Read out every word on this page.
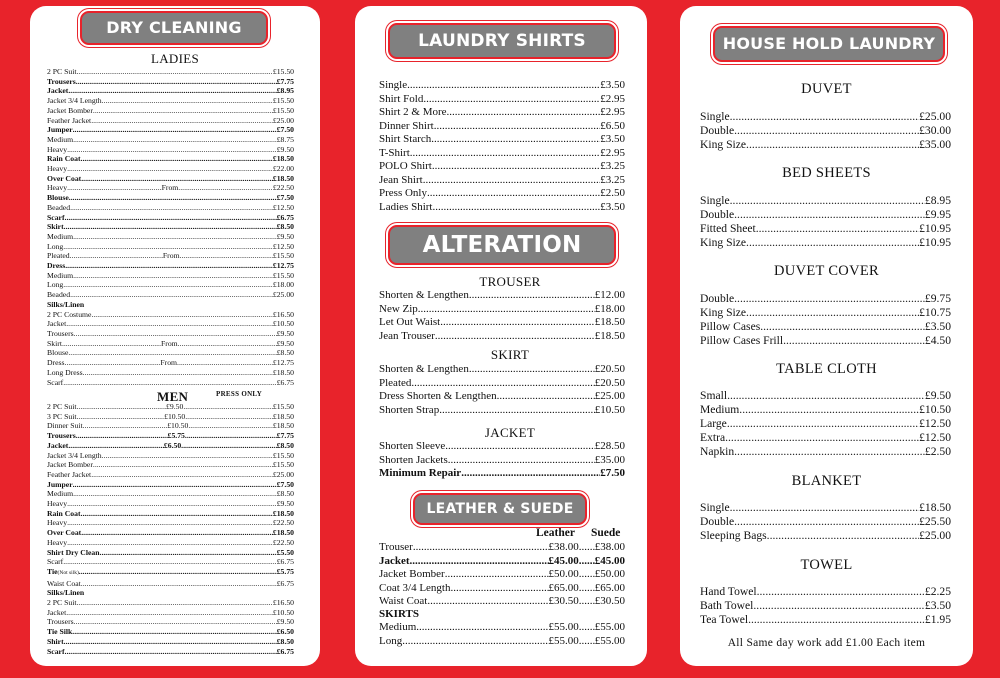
DRY CLEANING
LADIES
2 PC Suit .....	£15.50
Trousers .....	£7.75
Jacket .....	£8.95
Jacket 3/4 Length .....	£15.50
Jacket Bomber .....	£15.50
Feather Jacket .....	£25.00
Jumper .....	£7.50
Medium .....	£8.75
Heavy .....	£9.50
Rain Coat .....	£18.50
Heavy .....	£22.00
Over Coat .....	£18.50
Heavy .....	From .....	£22.50
Blouse .....	£7.50
Beaded .....	£12.50
Scarf .....	£6.75
Skirt .....	£8.50
Medium .....	£9.50
Long .....	£12.50
Pleated .....	From .....	£15.50
Dress .....	£12.75
Medium .....	£15.50
Long .....	£18.00
Beaded .....	£25.00
Silks/Linen
2 PC Costume .....	£16.50
Jacket .....	£10.50
Trousers .....	£9.50
Skirt .....	From .....	£9.50
Blouse .....	£8.50
Dress .....	From .....	£12.75
Long Dress .....	£18.50
Scarf .....	£6.75
MEN	PRESS ONLY
2 PC Suit .....	£9.50 .....	£15.50
3 PC Suit .....	£10.50 .....	£18.50
Dinner Suit .....	£10.50 .....	£18.50
Trousers .....	£5.75 .....	£7.75
Jacket .....	£6.50 .....	£8.50
Jacket 3/4 Length .....	£15.50
Jacket Bomber .....	£15.50
Feather Jacket .....	£25.00
Jumper .....	£7.50
Medium .....	£8.50
Heavy .....	£9.50
Rain Coat .....	£18.50
Heavy .....	£22.50
Over Coat .....	£18.50
Heavy .....	£22.50
Shirt Dry Clean .....	£5.50
Scarf .....	£6.75
Tie (Not silk) .....	£5.75
Waist Coat .....	£6.75
Silks/Linen
2 PC Suit .....	£16.50
Jacket .....	£10.50
Trousers .....	£9.50
Tie Silk .....	£6.50
Shirt .....	£8.50
Scarf .....	£6.75
LAUNDRY SHIRTS
Single .....	£3.50
Shirt Fold .....	£2.95
Shirt 2 & More .....	£2.95
Dinner Shirt .....	£6.50
Shirt Starch .....	£3.50
T-Shirt .....	£2.95
POLO Shirt .....	£3.25
Jean Shirt .....	£3.25
Press Only .....	£2.50
Ladies Shirt .....	£3.50
ALTERATION
TROUSER
Shorten & Lengthen .....	£12.00
New Zip .....	£18.00
Let Out Waist .....	£18.50
Jean Trouser .....	£18.50
SKIRT
Shorten & Lengthen .....	£20.50
Pleated .....	£20.50
Dress Shorten & Lengthen .....	£25.00
Shorten Strap .....	£10.50
JACKET
Shorten Sleeve .....	£28.50
Shorten Jackets .....	£35.00
Minimum Repair .....	£7.50
LEATHER & SUEDE
Leather Suede
Trouser .....	£38.00 ..... £38.00
Jacket .....	£45.00 ..... £45.00
Jacket Bomber .....	£50.00 ..... £50.00
Coat 3/4 Length .....	£65.00 ..... £65.00
Waist Coat .....	£30.50 ..... £30.50
SKIRTS
Medium .....	£55.00 ..... £55.00
Long .....	£55.00 ..... £55.00
HOUSE HOLD LAUNDRY
DUVET
Single .....	£25.00
Double .....	£30.00
King Size .....	£35.00
BED SHEETS
Single .....	£8.95
Double .....	£9.95
Fitted Sheet .....	£10.95
King Size .....	£10.95
DUVET COVER
Double .....	£9.75
King Size .....	£10.75
Pillow Cases .....	£3.50
Pillow Cases Frill .....	£4.50
TABLE CLOTH
Small .....	£9.50
Medium .....	£10.50
Large .....	£12.50
Extra .....	£12.50
Napkin .....	£2.50
BLANKET
Single .....	£18.50
Double .....	£25.50
Sleeping Bags .....	£25.00
TOWEL
Hand Towel .....	£2.25
Bath Towel .....	£3.50
Tea Towel .....	£1.95
All Same day work add £1.00 Each item
